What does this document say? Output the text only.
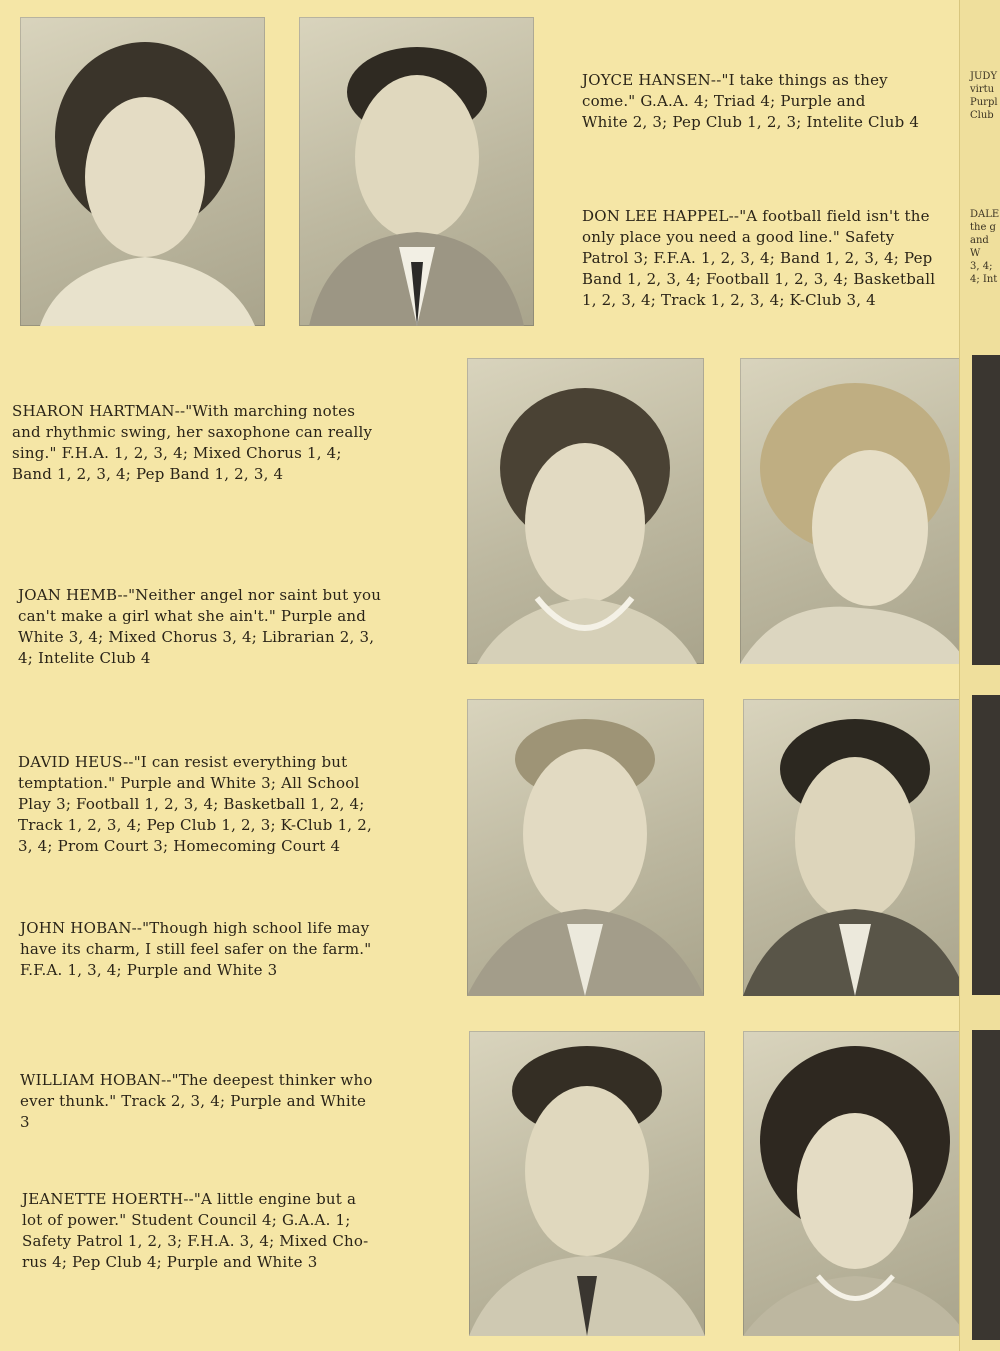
JOYCE HANSEN--"I take things as they
come." G.A.A. 4; Triad 4; Purple and
White 2, 3; Pep Club 1, 2, 3; Intelite Club 4
DON LEE HAPPEL--"A football field isn't the
only place you need a good line." Safety
Patrol 3; F.F.A. 1, 2, 3, 4; Band 1, 2, 3, 4; Pep
Band 1, 2, 3, 4; Football 1, 2, 3, 4; Basketball
1, 2, 3, 4; Track 1, 2, 3, 4; K-Club 3, 4
SHARON HARTMAN--"With marching notes
and rhythmic swing, her saxophone can really
sing." F.H.A. 1, 2, 3, 4; Mixed Chorus 1, 4;
Band 1, 2, 3, 4; Pep Band 1, 2, 3, 4
JOAN HEMB--"Neither angel nor saint but you
can't make a girl what she ain't." Purple and
White 3, 4; Mixed Chorus 3, 4; Librarian 2, 3,
4; Intelite Club 4
DAVID HEUS--"I can resist everything but
temptation." Purple and White 3; All School
Play 3; Football 1, 2, 3, 4; Basketball 1, 2, 4;
Track 1, 2, 3, 4; Pep Club 1, 2, 3; K-Club 1, 2,
3, 4; Prom Court 3; Homecoming Court 4
JOHN HOBAN--"Though high school life may
have its charm, I still feel safer on the farm."
F.F.A. 1, 3, 4; Purple and White 3
WILLIAM HOBAN--"The deepest thinker who
ever thunk." Track 2, 3, 4; Purple and White
3
JEANETTE HOERTH--"A little engine but a
lot of power." Student Council 4; G.A.A. 1;
Safety Patrol 1, 2, 3; F.H.A. 3, 4; Mixed Cho-
rus 4; Pep Club 4; Purple and White 3
JUDY
virtu
Purpl
Club
DALE
the g
and W
3, 4;
4; Int
